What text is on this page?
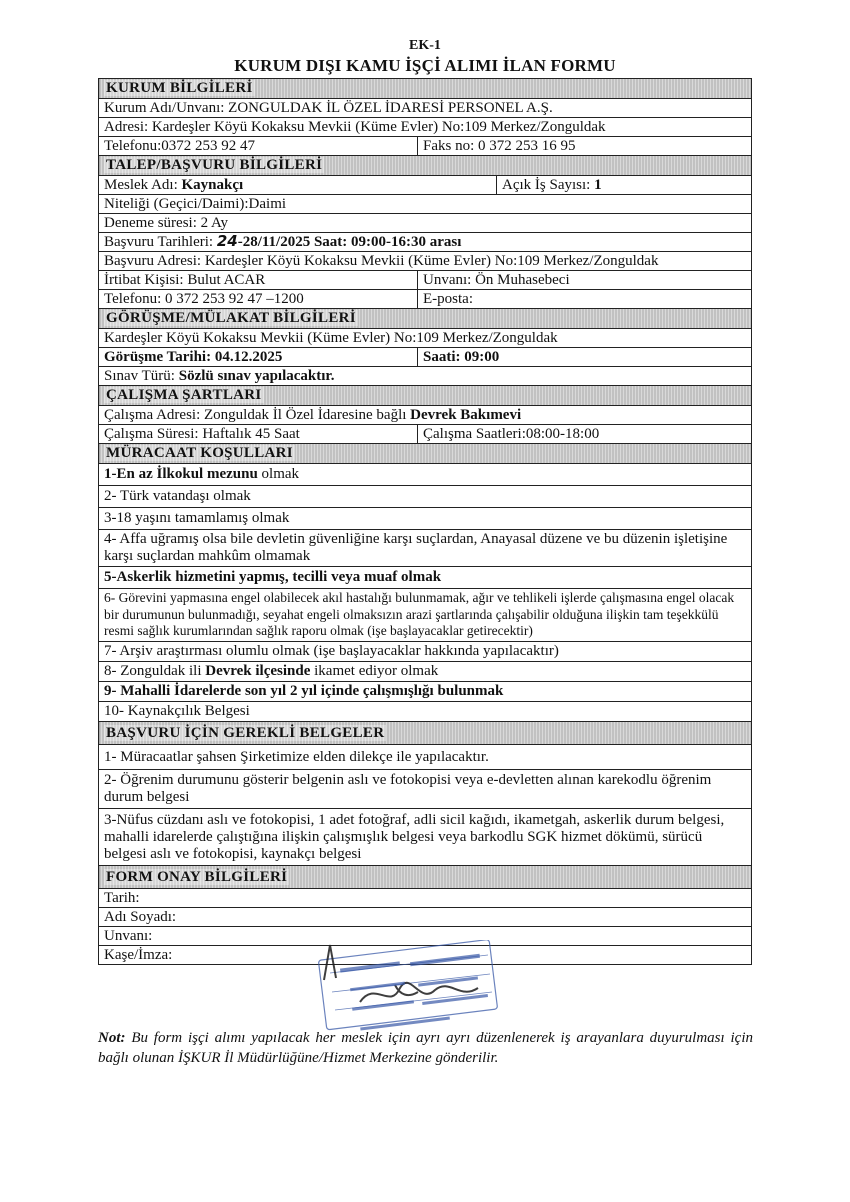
EK-1
KURUM DIŞI KAMU İŞÇİ ALIMI İLAN FORMU
KURUM BİLGİLERİ		
Kurum Adı/Unvanı: ZONGULDAK İL ÖZEL İDARESİ PERSONEL A.Ş.		
Adresi: Kardeşler Köyü Kokaksu Mevkii (Küme Evler) No:109 Merkez/Zonguldak		
Telefonu:0372 253 92 47	Faks no: 0 372 253 16 95	
TALEP/BAŞVURU BİLGİLERİ		
Meslek Adı: Kaynakçı		Açık İş Sayısı: 1
Niteliği (Geçici/Daimi):Daimi		
Deneme süresi: 2 Ay		
Başvuru Tarihleri: 24-28/11/2025 Saat: 09:00-16:30 arası		
Başvuru Adresi: Kardeşler Köyü Kokaksu Mevkii (Küme Evler) No:109 Merkez/Zonguldak		
İrtibat Kişisi: Bulut ACAR	Unvanı: Ön Muhasebeci	
Telefonu: 0 372 253 92 47 –1200	E-posta:	
GÖRÜŞME/MÜLAKAT BİLGİLERİ		
Kardeşler Köyü Kokaksu Mevkii (Küme Evler) No:109 Merkez/Zonguldak		
Görüşme Tarihi: 04.12.2025	Saati: 09:00	
Sınav Türü: Sözlü sınav yapılacaktır.		
ÇALIŞMA ŞARTLARI		
Çalışma Adresi: Zonguldak İl Özel İdaresine bağlı Devrek Bakımevi		
Çalışma Süresi: Haftalık 45 Saat	Çalışma Saatleri:08:00-18:00	
MÜRACAAT KOŞULLARI		
1-En az İlkokul mezunu olmak		
2- Türk vatandaşı olmak		
3-18 yaşını tamamlamış olmak		
4- Affa uğramış olsa bile devletin güvenliğine karşı suçlardan, Anayasal düzene ve bu düzenin işletişine karşı suçlardan mahkûm olmamak		
5-Askerlik hizmetini yapmış, tecilli veya muaf olmak		
6- Görevini yapmasına engel olabilecek akıl hastalığı bulunmamak, ağır ve tehlikeli işlerde çalışmasına engel olacak bir durumunun bulunmadığı, seyahat engeli olmaksızın arazi şartlarında çalışabilir olduğuna ilişkin tam teşekkülü resmi sağlık kurumlarından sağlık raporu olmak (işe başlayacaklar getirecektir)		
7- Arşiv araştırması olumlu olmak (işe başlayacaklar hakkında yapılacaktır)		
8- Zonguldak ili Devrek ilçesinde ikamet ediyor olmak		
9- Mahalli İdarelerde son yıl 2 yıl içinde çalışmışlığı bulunmak		
10- Kaynakçılık Belgesi		
BAŞVURU İÇİN GEREKLİ BELGELER		
1- Müracaatlar şahsen Şirketimize elden dilekçe ile yapılacaktır.		
2- Öğrenim durumunu gösterir belgenin aslı ve fotokopisi veya e-devletten alınan karekodlu öğrenim durum belgesi		
3-Nüfus cüzdanı aslı ve fotokopisi, 1 adet fotoğraf, adli sicil kağıdı, ikametgah, askerlik durum belgesi, mahalli idarelerde çalıştığına ilişkin çalışmışlık belgesi veya barkodlu SGK hizmet dökümü, sürücü belgesi aslı ve fotokopisi, kaynakçı belgesi		
FORM ONAY BİLGİLERİ		
Tarih:		
Adı Soyadı:		
Unvanı:		
Kaşe/İmza:		
Not: Bu form işçi alımı yapılacak her meslek için ayrı ayrı düzenlenerek iş arayanlara duyurulması için bağlı olunan İŞKUR İl Müdürlüğüne/Hizmet Merkezine gönderilir.
